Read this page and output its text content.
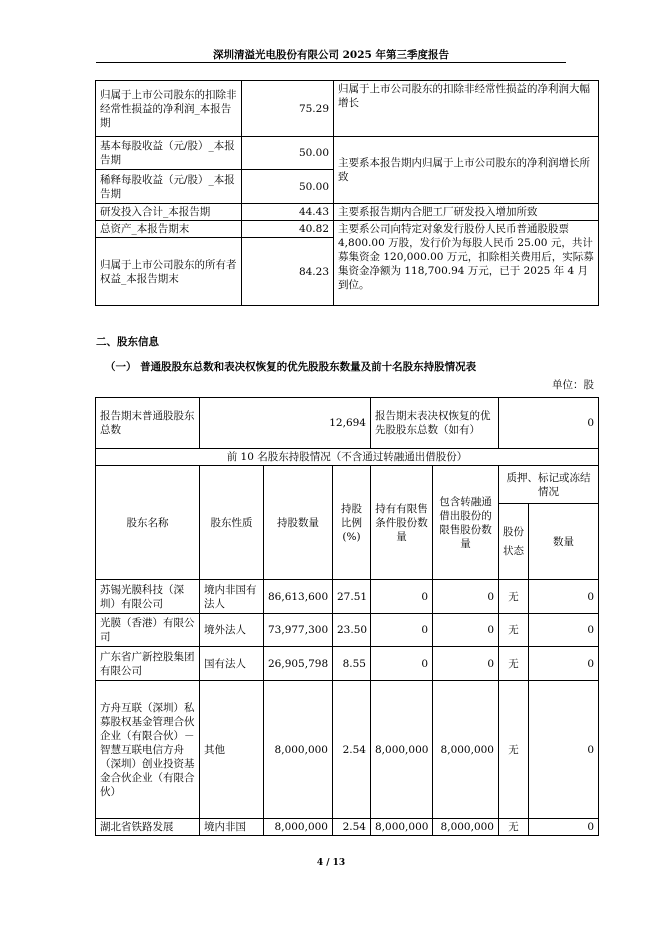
深圳清溢光电股份有限公司 2025 年第三季度报告
归属于上市公司股东的扣除非经常性损益的净利润_本报告期	75.29	归属于上市公司股东的扣除非经常性损益的净利润大幅增长
基本每股收益（元/股）_本报告期	50.00	主要系本报告期内归属于上市公司股东的净利润增长所致
稀释每股收益（元/股）_本报告期	50.00	
研发投入合计_本报告期	44.43	主要系报告期内合肥工厂研发投入增加所致
总资产_本报告期末	40.82	主要系公司向特定对象发行股份人民币普通股股票 4,800.00 万股，发行价为每股人民币 25.00 元，共计募集资金 120,000.00 万元，扣除相关费用后，实际募集资金净额为 118,700.94 万元，已于 2025 年 4 月到位。
归属于上市公司股东的所有者权益_本报告期末	84.23	
二、股东信息
（一） 普通股股东总数和表决权恢复的优先股股东数量及前十名股东持股情况表
单位：股
报告期末普通股股东总数	12,694			报告期末表决权恢复的优先股股东总数（如有）		0	
前 10 名股东持股情况（不含通过转融通出借股份）							
股东名称	股东性质	持股数量	持股比例(%)	持有有限售条件股份数量	包含转融通借出股份的限售股份数量	质押、标记或冻结情况	
						股份状态	数量
苏锡光膜科技（深圳）有限公司	境内非国有法人	86,613,600	27.51	0	0	无	0
光膜（香港）有限公司	境外法人	73,977,300	23.50	0	0	无	0
广东省广新控股集团有限公司	国有法人	26,905,798	8.55	0	0	无	0
方舟互联（深圳）私募股权基金管理合伙企业（有限合伙）－智慧互联电信方舟（深圳）创业投资基金合伙企业（有限合伙）	其他	8,000,000	2.54	8,000,000	8,000,000	无	0
湖北省铁路发展	境内非国	8,000,000	2.54	8,000,000	8,000,000	无	0
4 / 13
